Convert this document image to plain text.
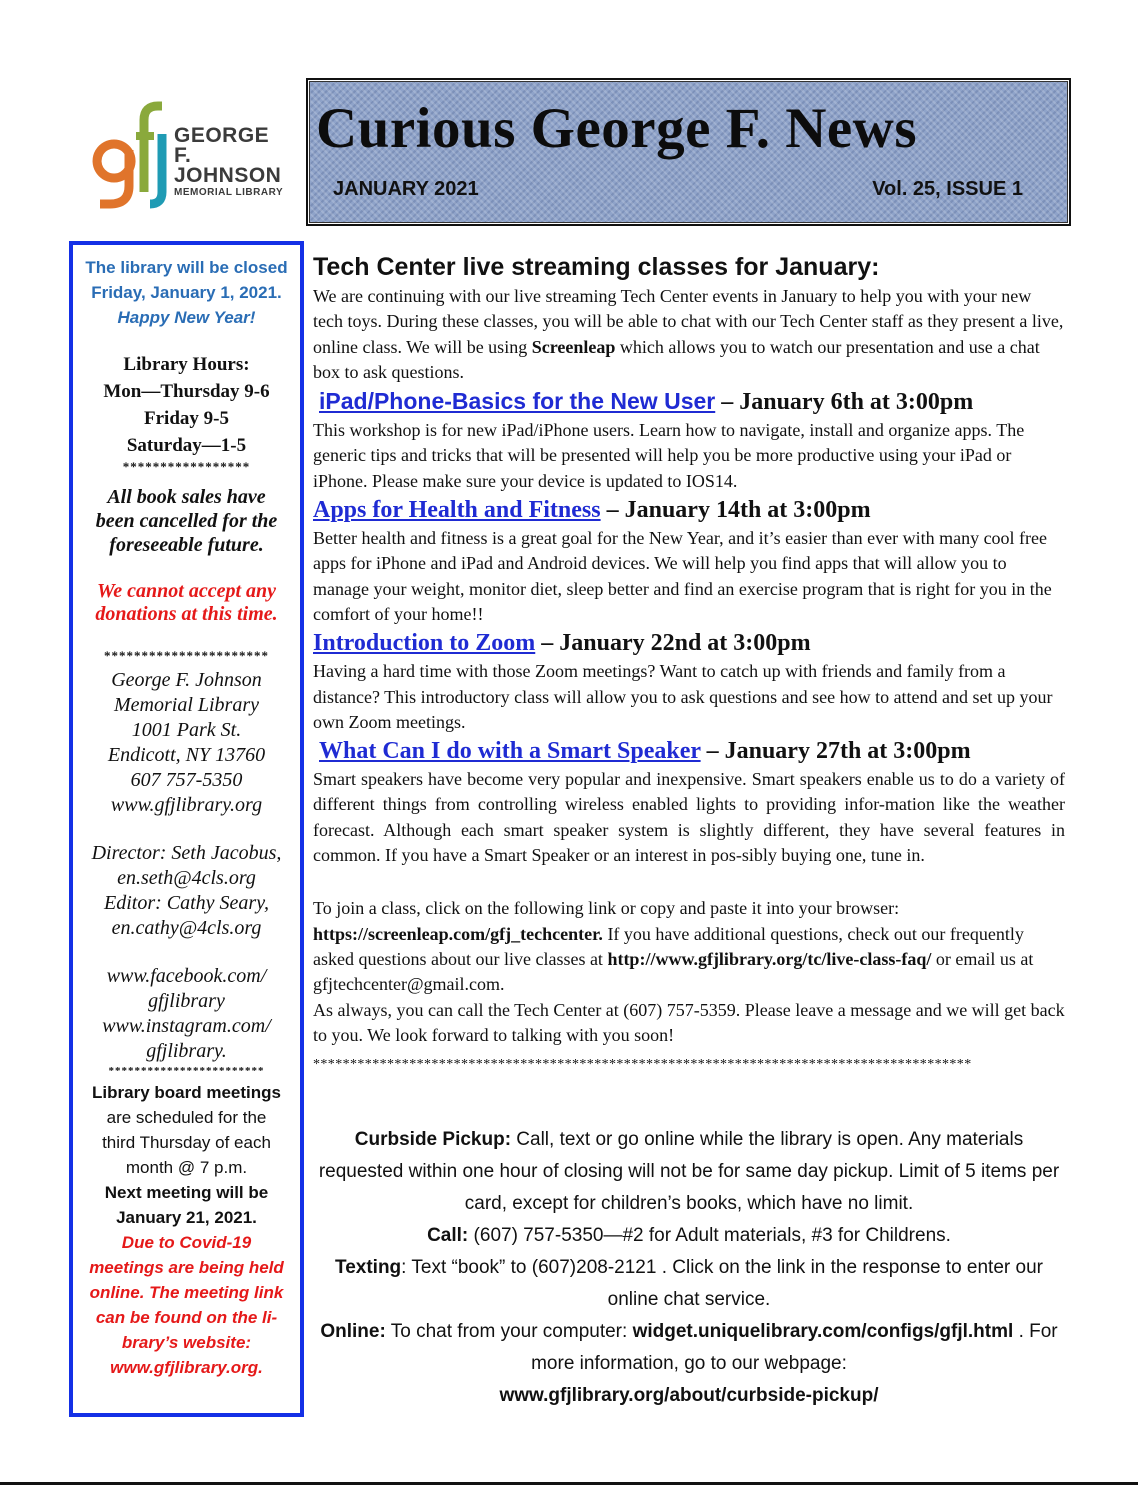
GEORGE F.
JOHNSON
MEMORIAL LIBRARY
Curious George F. News
JANUARY 2021	Vol. 25, ISSUE 1
The library will be closed
Friday, January 1, 2021.
Happy New Year!
Library Hours:
Mon—Thursday 9-6
Friday 9-5
Saturday—1-5
*****************
All book sales have
been cancelled for the
foreseeable future.
We cannot accept any
donations at this time.
**********************
George F. Johnson
Memorial Library
1001 Park St.
Endicott, NY 13760
607 757-5350
www.gfjlibrary.org
Director: Seth Jacobus,
en.seth@4cls.org
Editor: Cathy Seary,
en.cathy@4cls.org
www.facebook.com/
gfjlibrary
www.instagram.com/
gfjlibrary.
************************
Library board meetings
are scheduled for the
third Thursday of each
month @ 7 p.m.
Next meeting will be
January 21, 2021.
Due to Covid-19
meetings are being held
online. The meeting link
can be found on the li-
brary’s website:
www.gfjlibrary.org.
Tech Center live streaming classes for January:

We are continuing with our live streaming Tech Center events in January to help you with your new tech toys. During these classes, you will be able to chat with our Tech Center staff as they present a live, online class. We will be using Screenleap which allows you to watch our presentation and use a chat box to ask questions.

iPad/Phone-Basics for the New User – January 6th at 3:00pm

This workshop is for new iPad/iPhone users. Learn how to navigate, install and organize apps. The generic tips and tricks that will be presented will help you be more productive using your iPad or iPhone. Please make sure your device is updated to IOS14.

Apps for Health and Fitness – January 14th at 3:00pm

Better health and fitness is a great goal for the New Year, and it’s easier than ever with many cool free apps for iPhone and iPad and Android devices. We will help you find apps that will allow you to manage your weight, monitor diet, sleep better and find an exercise program that is right for you in the comfort of your home!!

Introduction to Zoom – January 22nd at 3:00pm

Having a hard time with those Zoom meetings? Want to catch up with friends and family from a distance? This introductory class will allow you to ask questions and see how to attend and set up your own Zoom meetings.

What Can I do with a Smart Speaker – January 27th at 3:00pm

Smart speakers have become very popular and inexpensive. Smart speakers enable us to do a variety of different things from controlling wireless enabled lights to providing infor-mation like the weather forecast. Although each smart speaker system is slightly different, they have several features in common. If you have a Smart Speaker or an interest in pos-sibly buying one, tune in.

To join a class, click on the following link or copy and paste it into your browser: https://screenleap.com/gfj_techcenter. If you have additional questions, check out our frequently asked questions about our live classes at http://www.gfjlibrary.org/tc/live-class-faq/ or email us at gfjtechcenter@gmail.com.

As always, you can call the Tech Center at (607) 757-5359. Please leave a message and we will get back to you. We look forward to talking with you soon!

*****************************************************************************************
Curbside Pickup: Call, text or go online while the library is open. Any materials requested within one hour of closing will not be for same day pickup. Limit of 5 items per card, except for children’s books, which have no limit.
Call: (607) 757-5350—#2 for Adult materials, #3 for Childrens.
Texting: Text “book” to (607)208-2121 . Click on the link in the response to enter our online chat service.
Online: To chat from your computer: widget.uniquelibrary.com/configs/gfjl.html . For more information, go to our webpage:
www.gfjlibrary.org/about/curbside-pickup/
